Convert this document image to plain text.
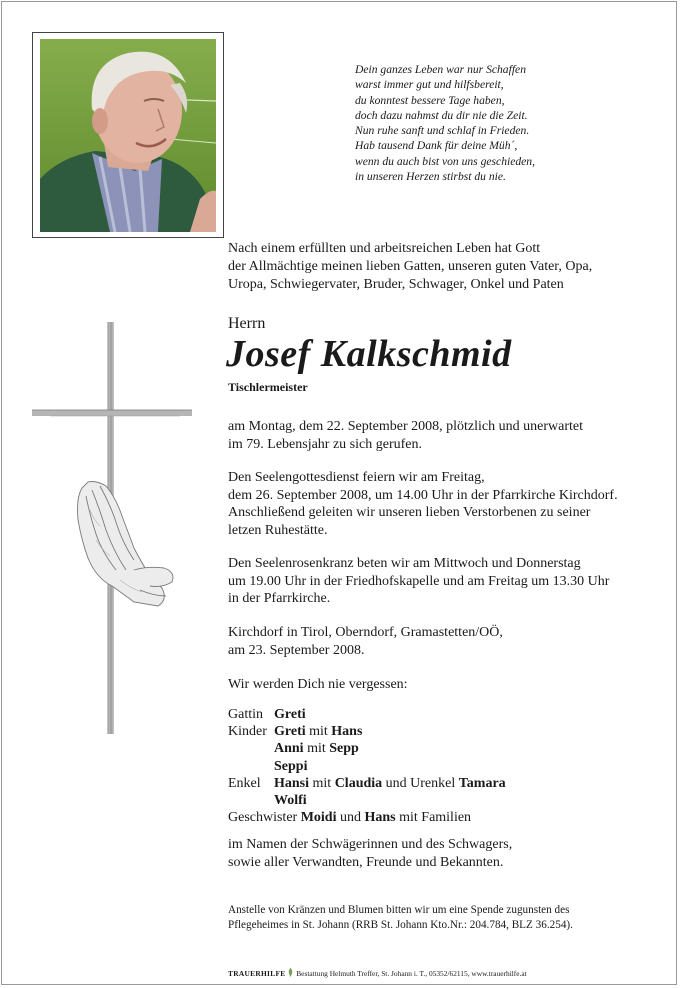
Dein ganzes Leben war nur Schaffen
warst immer gut und hilfsbereit,
du konntest bessere Tage haben,
doch dazu nahmst du dir nie die Zeit.
Nun ruhe sanft und schlaf in Frieden.
Hab tausend Dank für deine Müh´,
wenn du auch bist von uns geschieden,
in unseren Herzen stirbst du nie.
Nach einem erfüllten und arbeitsreichen Leben hat Gott
der Allmächtige meinen lieben Gatten, unseren guten Vater, Opa,
Uropa, Schwiegervater, Bruder, Schwager, Onkel und Paten
Herrn
Josef Kalkschmid
Tischlermeister
am Montag, dem 22. September 2008, plötzlich und unerwartet
im 79. Lebensjahr zu sich gerufen.
Den Seelengottesdienst feiern wir am Freitag,
dem 26. September 2008, um 14.00 Uhr in der Pfarrkirche Kirchdorf.
Anschließend geleiten wir unseren lieben Verstorbenen zu seiner
letzen Ruhestätte.
Den Seelenrosenkranz beten wir am Mittwoch und Donnerstag
um 19.00 Uhr in der Friedhofskapelle und am Freitag um 13.30 Uhr
in der Pfarrkirche.
Kirchdorf in Tirol, Oberndorf, Gramastetten/OÖ,
am 23. September 2008.
Wir werden Dich nie vergessen:
Gattin Greti
Kinder Greti mit Hans
Anni mit Sepp
Seppi
Enkel Hansi mit Claudia und Urenkel Tamara
Wolfi
Geschwister Moidi und Hans mit Familien
im Namen der Schwägerinnen und des Schwagers,
sowie aller Verwandten, Freunde und Bekannten.
Anstelle von Kränzen und Blumen bitten wir um eine Spende zugunsten des
Pflegeheimes in St. Johann (RRB St. Johann Kto.Nr.: 204.784, BLZ 36.254).
TRAUERHILFE Bestattung Helmuth Treffer, St. Johann i. T., 05352/62115, www.trauerhilfe.at
